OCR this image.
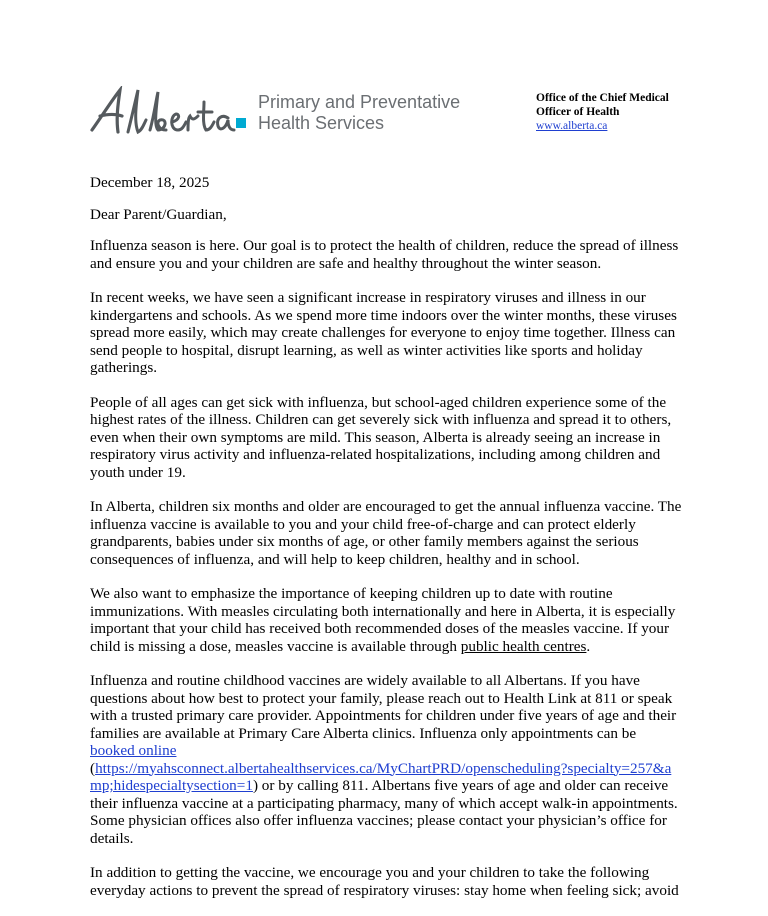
Primary and Preventative
Health Services
Office of the Chief Medical
Officer of Health
www.alberta.ca

December 18, 2025

Dear Parent/Guardian,

Influenza season is here. Our goal is to protect the health of children, reduce the spread of illness and ensure you and your children are safe and healthy throughout the winter season.

In recent weeks, we have seen a significant increase in respiratory viruses and illness in our kindergartens and schools. As we spend more time indoors over the winter months, these viruses spread more easily, which may create challenges for everyone to enjoy time together. Illness can send people to hospital, disrupt learning, as well as winter activities like sports and holiday gatherings.

People of all ages can get sick with influenza, but school-aged children experience some of the highest rates of the illness. Children can get severely sick with influenza and spread it to others, even when their own symptoms are mild. This season, Alberta is already seeing an increase in respiratory virus activity and influenza-related hospitalizations, including among children and youth under 19.

In Alberta, children six months and older are encouraged to get the annual influenza vaccine. The influenza vaccine is available to you and your child free-of-charge and can protect elderly grandparents, babies under six months of age, or other family members against the serious consequences of influenza, and will help to keep children, healthy and in school.

We also want to emphasize the importance of keeping children up to date with routine immunizations. With measles circulating both internationally and here in Alberta, it is especially important that your child has received both recommended doses of the measles vaccine. If your child is missing a dose, measles vaccine is available through public health centres.

Influenza and routine childhood vaccines are widely available to all Albertans. If you have questions about how best to protect your family, please reach out to Health Link at 811 or speak with a trusted primary care provider. Appointments for children under five years of age and their families are available at Primary Care Alberta clinics. Influenza only appointments can be booked online
(https://myahsconnect.albertahealthservices.ca/MyChartPRD/openscheduling?specialty=257&amp;hidespecialtysection=1) or by calling 811. Albertans five years of age and older can receive their influenza vaccine at a participating pharmacy, many of which accept walk-in appointments. Some physician offices also offer influenza vaccines; please contact your physician’s office for details.

In addition to getting the vaccine, we encourage you and your children to take the following everyday actions to prevent the spread of respiratory viruses: stay home when feeling sick; avoid
